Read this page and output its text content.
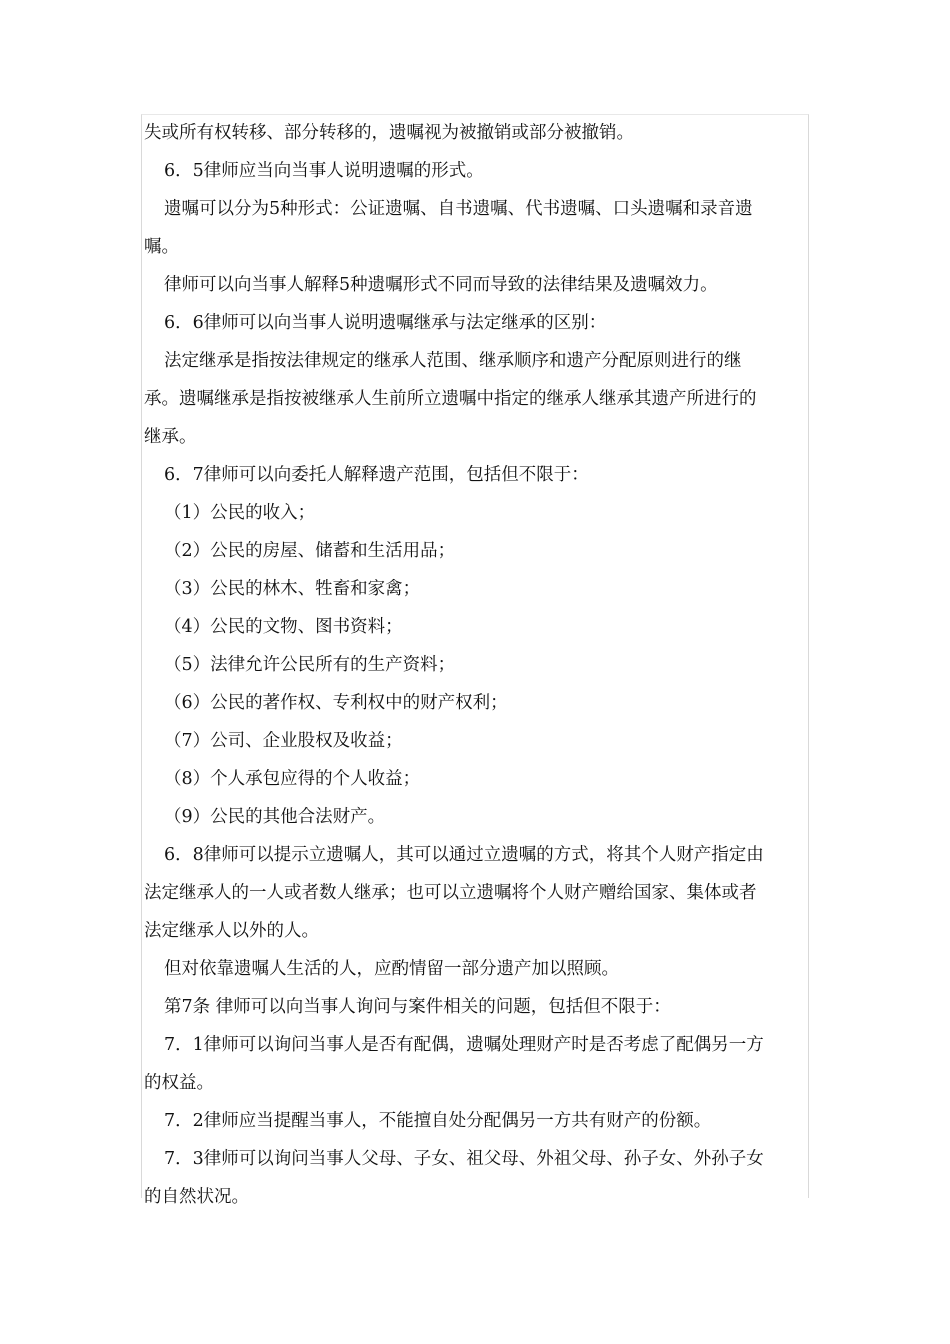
失或所有权转移、部分转移的，遗嘱视为被撤销或部分被撤销。
6．5律师应当向当事人说明遗嘱的形式。
遗嘱可以分为5种形式：公证遗嘱、自书遗嘱、代书遗嘱、口头遗嘱和录音遗
嘱。
律师可以向当事人解释5种遗嘱形式不同而导致的法律结果及遗嘱效力。
6．6律师可以向当事人说明遗嘱继承与法定继承的区别：
法定继承是指按法律规定的继承人范围、继承顺序和遗产分配原则进行的继
承。遗嘱继承是指按被继承人生前所立遗嘱中指定的继承人继承其遗产所进行的
继承。
6．7律师可以向委托人解释遗产范围，包括但不限于：
（1）公民的收入；
（2）公民的房屋、储蓄和生活用品；
（3）公民的林木、牲畜和家禽；
（4）公民的文物、图书资料；
（5）法律允许公民所有的生产资料；
（6）公民的著作权、专利权中的财产权利；
（7）公司、企业股权及收益；
（8）个人承包应得的个人收益；
（9）公民的其他合法财产。
6．8律师可以提示立遗嘱人，其可以通过立遗嘱的方式，将其个人财产指定由
法定继承人的一人或者数人继承；也可以立遗嘱将个人财产赠给国家、集体或者
法定继承人以外的人。
但对依靠遗嘱人生活的人，应酌情留一部分遗产加以照顾。
第7条 律师可以向当事人询问与案件相关的问题，包括但不限于：
7．1律师可以询问当事人是否有配偶，遗嘱处理财产时是否考虑了配偶另一方
的权益。
7．2律师应当提醒当事人，不能擅自处分配偶另一方共有财产的份额。
7．3律师可以询问当事人父母、子女、祖父母、外祖父母、孙子女、外孙子女
的自然状况。
